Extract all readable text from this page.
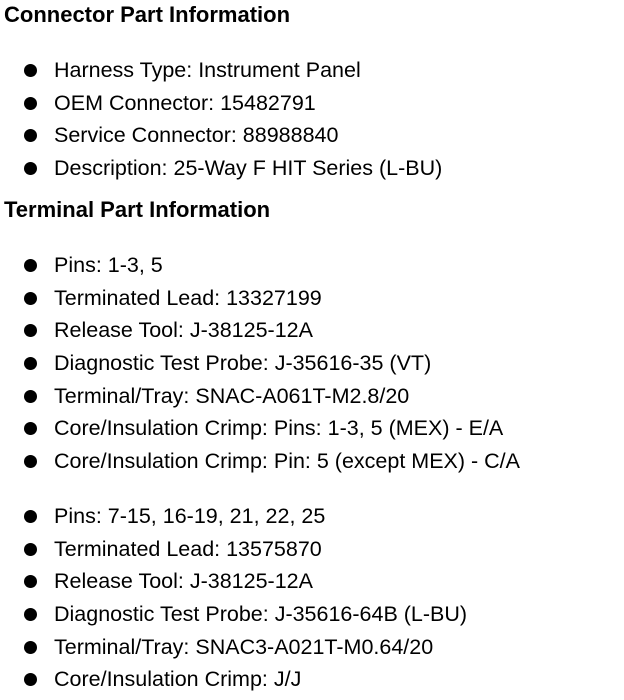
Connector Part Information
Harness Type: Instrument Panel
OEM Connector: 15482791
Service Connector: 88988840
Description: 25-Way F HIT Series (L-BU)
Terminal Part Information
Pins: 1-3, 5
Terminated Lead: 13327199
Release Tool: J-38125-12A
Diagnostic Test Probe: J-35616-35 (VT)
Terminal/Tray: SNAC-A061T-M2.8/20
Core/Insulation Crimp: Pins: 1-3, 5 (MEX) - E/A
Core/Insulation Crimp: Pin: 5 (except MEX) - C/A
Pins: 7-15, 16-19, 21, 22, 25
Terminated Lead: 13575870
Release Tool: J-38125-12A
Diagnostic Test Probe: J-35616-64B (L-BU)
Terminal/Tray: SNAC3-A021T-M0.64/20
Core/Insulation Crimp: J/J
